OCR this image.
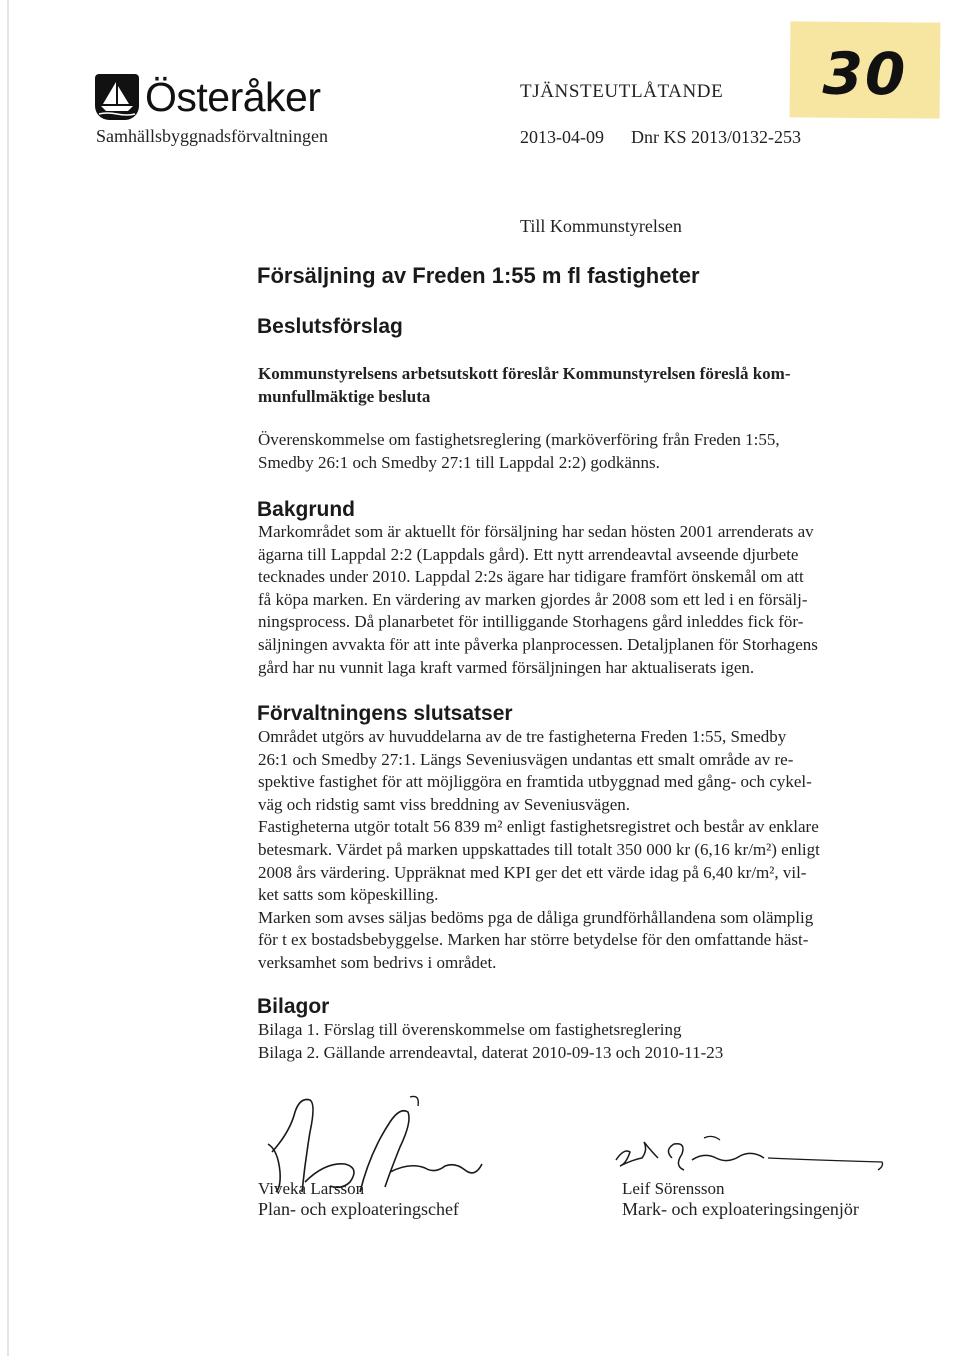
Österåker
Samhällsbyggnadsförvaltningen
TJÄNSTEUTLÅTANDE
2013-04-09 Dnr KS 2013/0132-253
30
Till Kommunstyrelsen
Försäljning av Freden 1:55 m fl fastigheter
Beslutsförslag
Kommunstyrelsens arbetsutskott föreslår Kommunstyrelsen föreslå kom-
munfullmäktige besluta
Överenskommelse om fastighetsreglering (marköverföring från Freden 1:55,
Smedby 26:1 och Smedby 27:1 till Lappdal 2:2) godkänns.
Bakgrund
Markområdet som är aktuellt för försäljning har sedan hösten 2001 arrenderats av
ägarna till Lappdal 2:2 (Lappdals gård). Ett nytt arrendeavtal avseende djurbete
tecknades under 2010. Lappdal 2:2s ägare har tidigare framfört önskemål om att
få köpa marken. En värdering av marken gjordes år 2008 som ett led i en försälj-
ningsprocess. Då planarbetet för intilliggande Storhagens gård inleddes fick för-
säljningen avvakta för att inte påverka planprocessen. Detaljplanen för Storhagens
gård har nu vunnit laga kraft varmed försäljningen har aktualiserats igen.
Förvaltningens slutsatser
Området utgörs av huvuddelarna av de tre fastigheterna Freden 1:55, Smedby
26:1 och Smedby 27:1. Längs Seveniusvägen undantas ett smalt område av re-
spektive fastighet för att möjliggöra en framtida utbyggnad med gång- och cykel-
väg och ridstig samt viss breddning av Seveniusvägen.
Fastigheterna utgör totalt 56 839 m² enligt fastighetsregistret och består av enklare
betesmark. Värdet på marken uppskattades till totalt 350 000 kr (6,16 kr/m²) enligt
2008 års värdering. Uppräknat med KPI ger det ett värde idag på 6,40 kr/m², vil-
ket satts som köpeskilling.
Marken som avses säljas bedöms pga de dåliga grundförhållandena som olämplig
för t ex bostadsbebyggelse. Marken har större betydelse för den omfattande häst-
verksamhet som bedrivs i området.
Bilagor
Bilaga 1. Förslag till överenskommelse om fastighetsreglering
Bilaga 2. Gällande arrendeavtal, daterat 2010-09-13 och 2010-11-23
Viveka Larsson
Plan- och exploateringschef
Leif Sörensson
Mark- och exploateringsingenjör
